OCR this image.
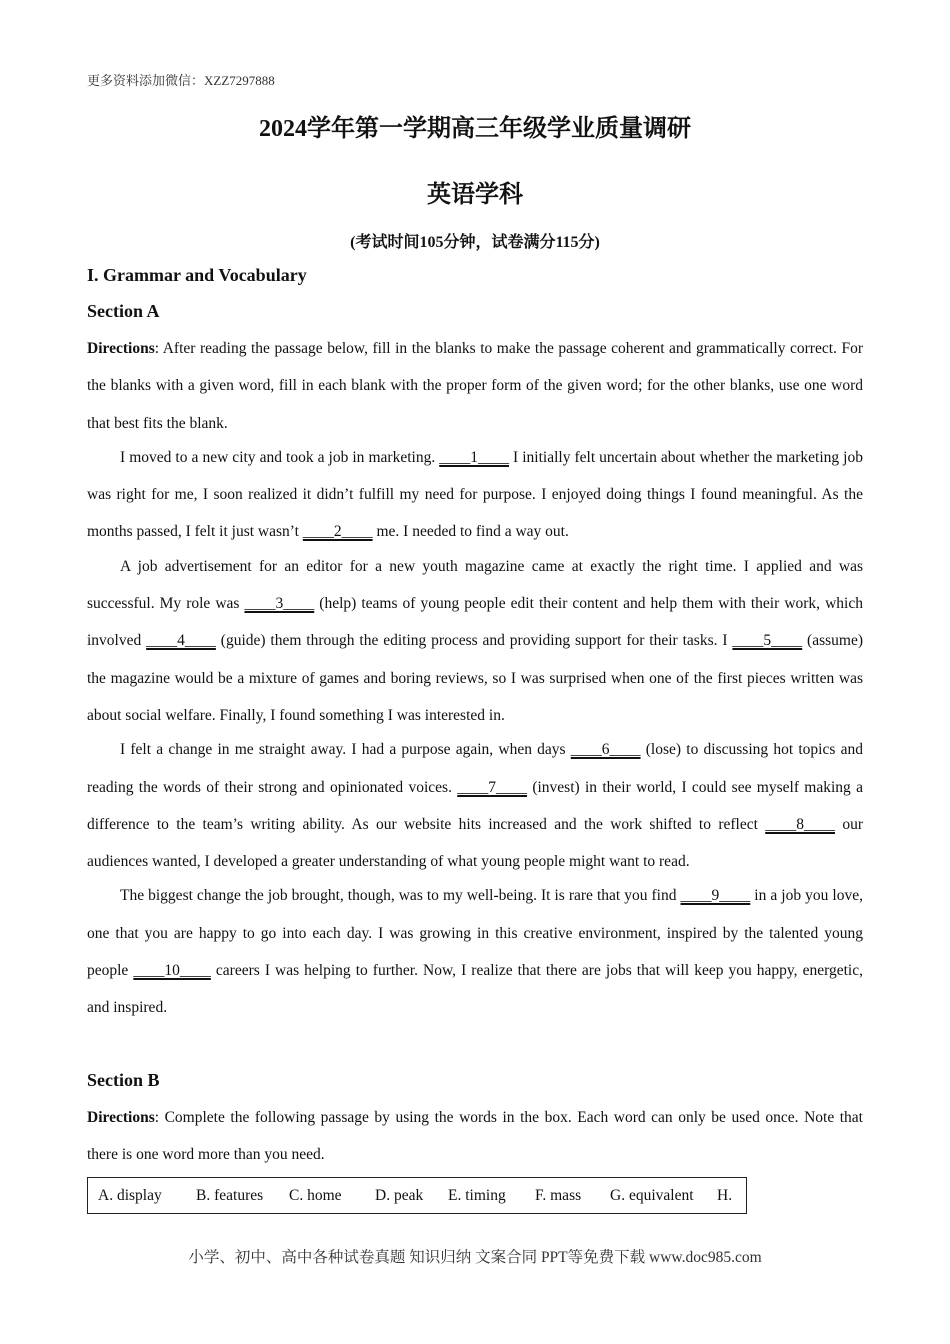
更多资料添加微信：XZZ7297888
2024学年第一学期高三年级学业质量调研
英语学科
(考试时间105分钟，试卷满分115分)
I. Grammar and Vocabulary
Section A

Directions: After reading the passage below, fill in the blanks to make the passage coherent and grammatically correct. For the blanks with a given word, fill in each blank with the proper form of the given word; for the other blanks, use one word that best fits the blank.

I moved to a new city and took a job in marketing. ____1____ I initially felt uncertain about whether the marketing job was right for me, I soon realized it didn’t fulfill my need for purpose. I enjoyed doing things I found meaningful. As the months passed, I felt it just wasn’t ____2____ me. I needed to find a way out.

A job advertisement for an editor for a new youth magazine came at exactly the right time. I applied and was successful. My role was ____3____ (help) teams of young people edit their content and help them with their work, which involved ____4____ (guide) them through the editing process and providing support for their tasks. I ____5____ (assume) the magazine would be a mixture of games and boring reviews, so I was surprised when one of the first pieces written was about social welfare. Finally, I found something I was interested in.

I felt a change in me straight away. I had a purpose again, when days ____6____ (lose) to discussing hot topics and reading the words of their strong and opinionated voices. ____7____ (invest) in their world, I could see myself making a difference to the team’s writing ability. As our website hits increased and the work shifted to reflect ____8____ our audiences wanted, I developed a greater understanding of what young people might want to read.

The biggest change the job brought, though, was to my well-being. It is rare that you find ____9____ in a job you love, one that you are happy to go into each day. I was growing in this creative environment, inspired by the talented young people ____10____ careers I was helping to further. Now, I realize that there are jobs that will keep you happy, energetic, and inspired.

Section B

Directions: Complete the following passage by using the words in the box. Each word can only be used once. Note that there is one word more than you need.

A. display	B. features	C. home	D. peak	E. timing	F. mass	G. equivalent	H.
小学、初中、高中各种试卷真题 知识归纳 文案合同 PPT等免费下载 www.doc985.com
